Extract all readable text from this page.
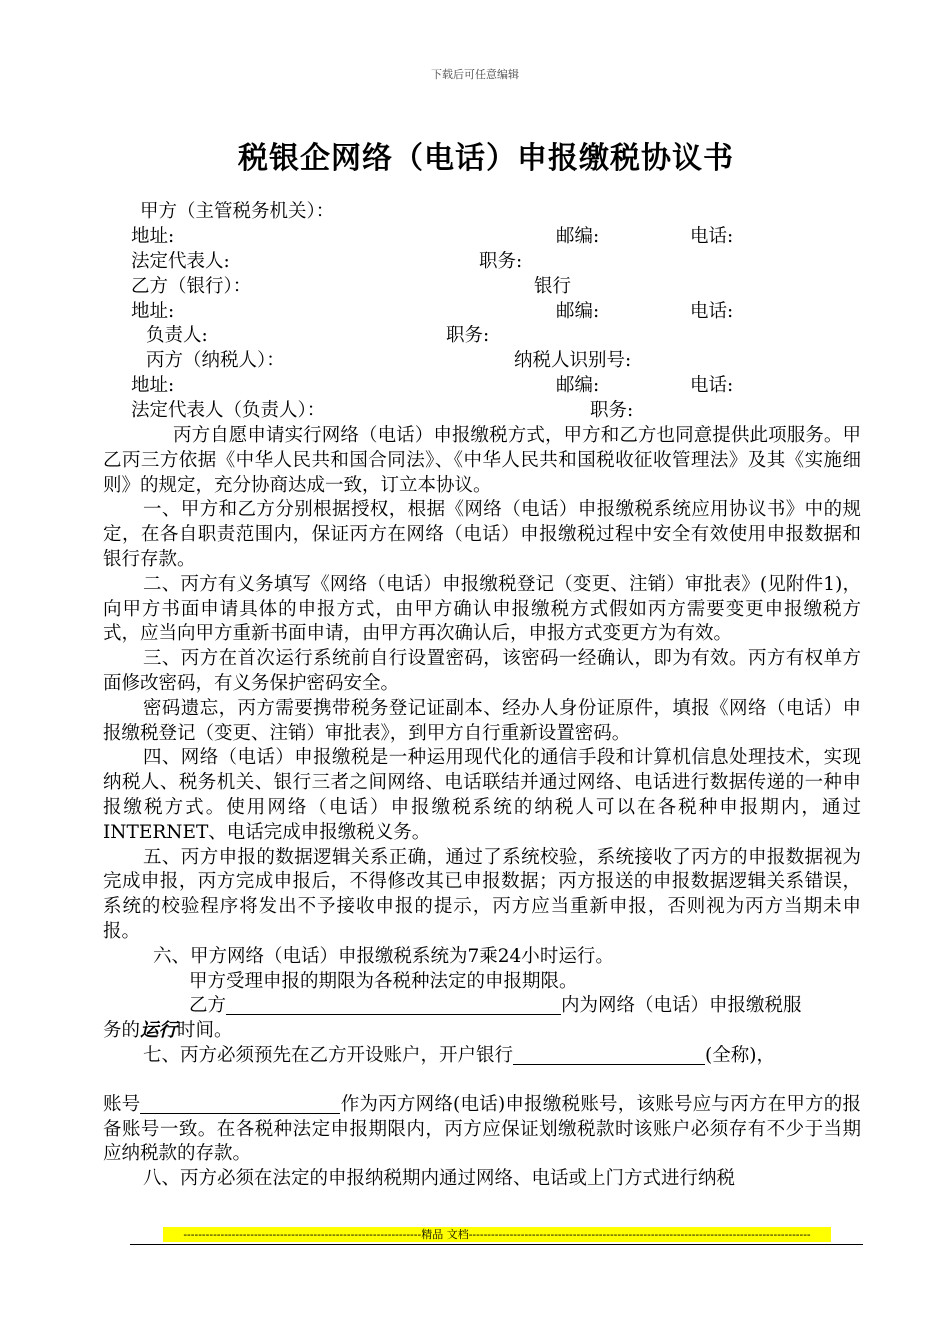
下载后可任意编辑
税银企网络（电话）申报缴税协议书
甲方（主管税务机关）：
地址:	邮编:	电话:
法定代表人:	职务:
乙方（银行）：	银行
地址:	邮编:	电话:
负责人:	职务:
丙方（纳税人）：	纳税人识别号:
地址:	邮编:	电话:
法定代表人（负责人）：	职务:

丙方自愿申请实行网络（电话）申报缴税方式，甲方和乙方也同意提供此项服务。甲乙丙三方依据《中华人民共和国合同法》、《中华人民共和国税收征收管理法》及其《实施细则》的规定，充分协商达成一致，订立本协议。

一、甲方和乙方分别根据授权，根据《网络（电话）申报缴税系统应用协议书》中的规定，在各自职责范围内，保证丙方在网络（电话）申报缴税过程中安全有效使用申报数据和银行存款。

二、丙方有义务填写《网络（电话）申报缴税登记（变更、注销）审批表》(见附件1)，向甲方书面申请具体的申报方式，由甲方确认申报缴税方式假如丙方需要变更申报缴税方式，应当向甲方重新书面申请，由甲方再次确认后，申报方式变更方为有效。

三、丙方在首次运行系统前自行设置密码，该密码一经确认，即为有效。丙方有权单方面修改密码，有义务保护密码安全。

密码遗忘，丙方需要携带税务登记证副本、经办人身份证原件，填报《网络（电话）申报缴税登记（变更、注销）审批表》，到甲方自行重新设置密码。

四、网络（电话）申报缴税是一种运用现代化的通信手段和计算机信息处理技术，实现纳税人、税务机关、银行三者之间网络、电话联结并通过网络、电话进行数据传递的一种申报缴税方式。使用网络（电话）申报缴税系统的纳税人可以在各税种申报期内，通过INTERNET、电话完成申报缴税义务。

五、丙方申报的数据逻辑关系正确，通过了系统校验，系统接收了丙方的申报数据视为完成申报，丙方完成申报后，不得修改其已申报数据；丙方报送的申报数据逻辑关系错误，系统的校验程序将发出不予接收申报的提示，丙方应当重新申报，否则视为丙方当期未申报。

六、甲方网络（电话）申报缴税系统为7乘24小时运行。

甲方受理申报的期限为各税种法定的申报期限。

乙方	内为网络（电话）申报缴税服

务的运行时间。

七、丙方必须预先在乙方开设账户，开户银行	(全称)，

账号	作为丙方网络(电话)申报缴税账号，该账号应与丙方在甲方的报备账号一致。在各税种法定申报期限内，丙方应保证划缴税款时该账户必须存有不少于当期应纳税款的存款。

八、丙方必须在法定的申报纳税期内通过网络、电话或上门方式进行纳税

----------------------------------------------------------------精品 文档--------------------------------------------------------------------------------------------
